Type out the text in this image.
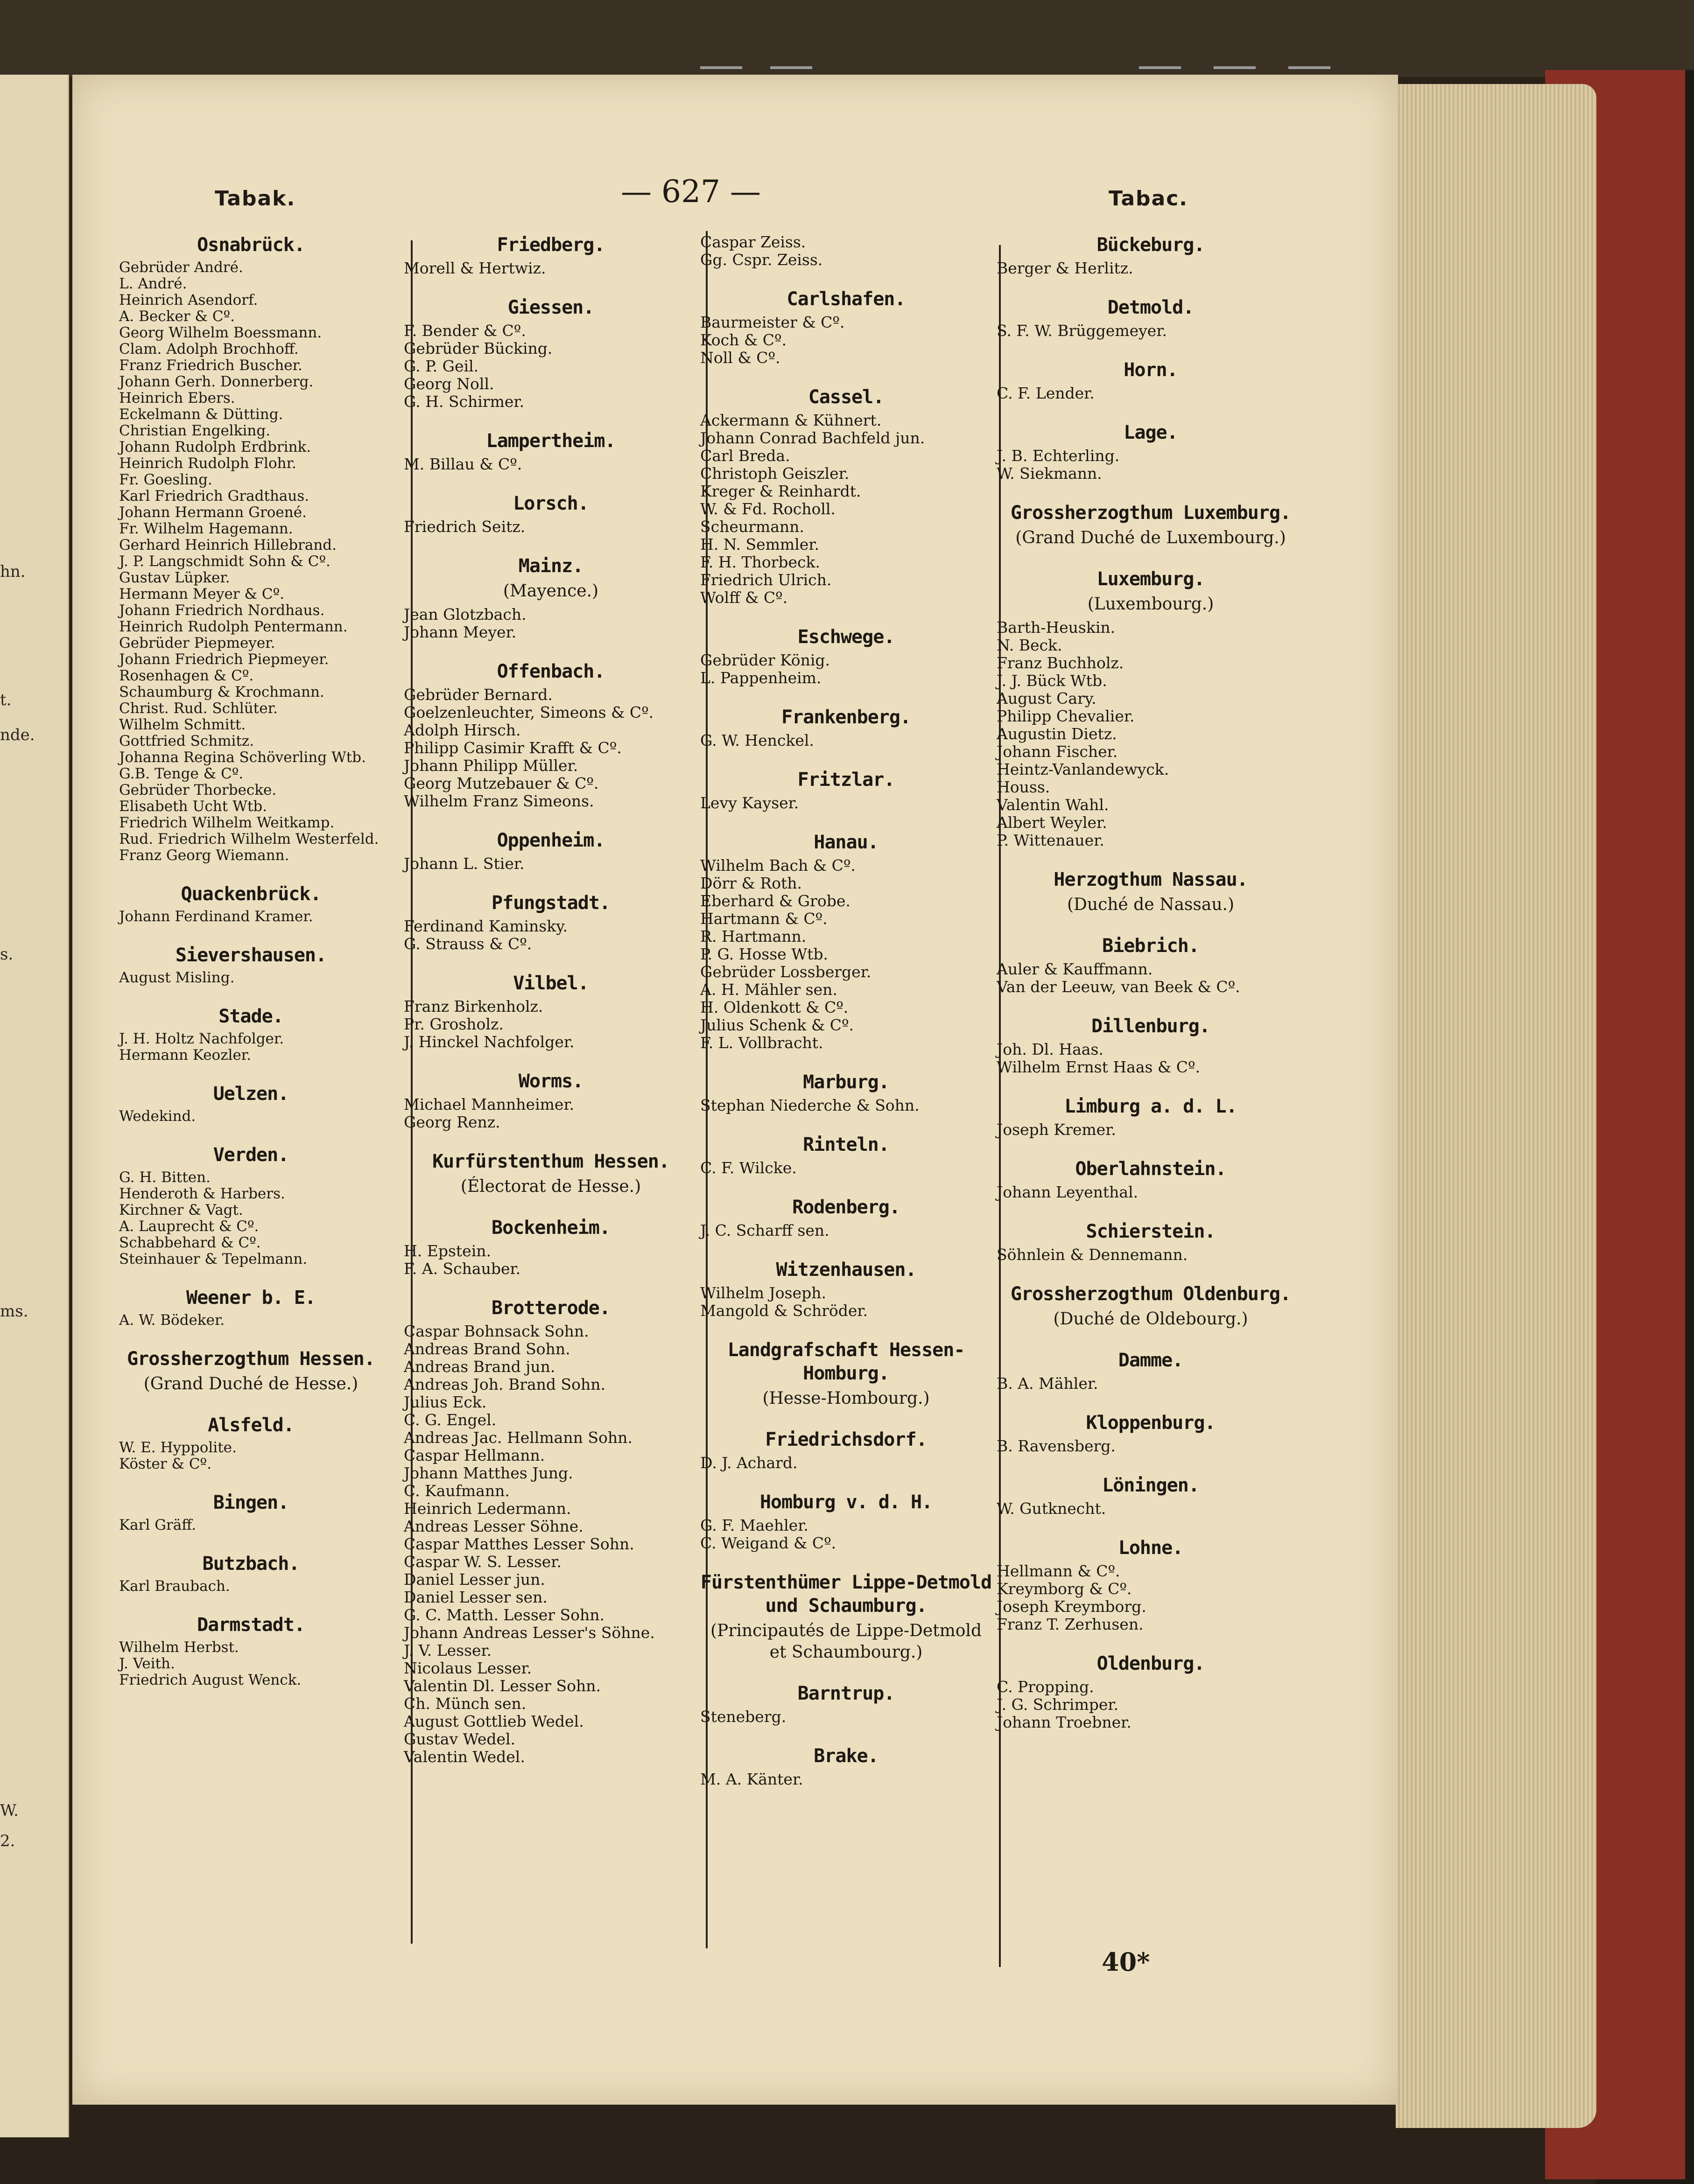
hn.
t.
nde.
s.
ms.
W.
2.
Tabak.	— 627 —	Tabac.
Osnabrück.
Gebrüder André.
L. André.
Heinrich Asendorf.
A. Becker & Cº.
Georg Wilhelm Boessmann.
Clam. Adolph Brochhoff.
Franz Friedrich Buscher.
Johann Gerh. Donnerberg.
Heinrich Ebers.
Eckelmann & Dütting.
Christian Engelking.
Johann Rudolph Erdbrink.
Heinrich Rudolph Flohr.
Fr. Goesling.
Karl Friedrich Gradthaus.
Johann Hermann Groené.
Fr. Wilhelm Hagemann.
Gerhard Heinrich Hillebrand.
J. P. Langschmidt Sohn & Cº.
Gustav Lüpker.
Hermann Meyer & Cº.
Johann Friedrich Nordhaus.
Heinrich Rudolph Pentermann.
Gebrüder Piepmeyer.
Johann Friedrich Piepmeyer.
Rosenhagen & Cº.
Schaumburg & Krochmann.
Christ. Rud. Schlüter.
Wilhelm Schmitt.
Gottfried Schmitz.
Johanna Regina Schöverling Wtb.
G.B. Tenge & Cº.
Gebrüder Thorbecke.
Elisabeth Ucht Wtb.
Friedrich Wilhelm Weitkamp.
Rud. Friedrich Wilhelm Westerfeld.
Franz Georg Wiemann.
Quackenbrück.
Johann Ferdinand Kramer.
Sievershausen.
August Misling.
Stade.
J. H. Holtz Nachfolger.
Hermann Keozler.
Uelzen.
Wedekind.
Verden.
G. H. Bitten.
Henderoth & Harbers.
Kirchner & Vagt.
A. Lauprecht & Cº.
Schabbehard & Cº.
Steinhauer & Tepelmann.
Weener b. E.
A. W. Bödeker.
Grossherzogthum Hessen.
(Grand Duché de Hesse.)
Alsfeld.
W. E. Hyppolite.
Köster & Cº.
Bingen.
Karl Gräff.
Butzbach.
Karl Braubach.
Darmstadt.
Wilhelm Herbst.
J. Veith.
Friedrich August Wenck.
Friedberg.
Morell & Hertwiz.
Giessen.
F. Bender & Cº.
Gebrüder Bücking.
G. P. Geil.
Georg Noll.
G. H. Schirmer.
Lampertheim.
M. Billau & Cº.
Lorsch.
Friedrich Seitz.
Mainz.
(Mayence.)
Jean Glotzbach.
Johann Meyer.
Offenbach.
Gebrüder Bernard.
Goelzenleuchter, Simeons & Cº.
Adolph Hirsch.
Philipp Casimir Krafft & Cº.
Johann Philipp Müller.
Georg Mutzebauer & Cº.
Wilhelm Franz Simeons.
Oppenheim.
Johann L. Stier.
Pfungstadt.
Ferdinand Kaminsky.
G. Strauss & Cº.
Vilbel.
Franz Birkenholz.
Pr. Grosholz.
J. Hinckel Nachfolger.
Worms.
Michael Mannheimer.
Georg Renz.
Kurfürstenthum Hessen.
(Électorat de Hesse.)
Bockenheim.
H. Epstein.
F. A. Schauber.
Brotterode.
Caspar Bohnsack Sohn.
Andreas Brand Sohn.
Andreas Brand jun.
Andreas Joh. Brand Sohn.
Julius Eck.
C. G. Engel.
Andreas Jac. Hellmann Sohn.
Caspar Hellmann.
Johann Matthes Jung.
C. Kaufmann.
Heinrich Ledermann.
Andreas Lesser Söhne.
Caspar Matthes Lesser Sohn.
Caspar W. S. Lesser.
Daniel Lesser jun.
Daniel Lesser sen.
G. C. Matth. Lesser Sohn.
Johann Andreas Lesser's Söhne.
J. V. Lesser.
Nicolaus Lesser.
Valentin Dl. Lesser Sohn.
Ch. Münch sen.
August Gottlieb Wedel.
Gustav Wedel.
Valentin Wedel.
Caspar Zeiss.
Gg. Cspr. Zeiss.
Carlshafen.
Baurmeister & Cº.
Koch & Cº.
Noll & Cº.
Cassel.
Ackermann & Kühnert.
Johann Conrad Bachfeld jun.
Carl Breda.
Christoph Geiszler.
Kreger & Reinhardt.
W. & Fd. Rocholl.
Scheurmann.
H. N. Semmler.
F. H. Thorbeck.
Friedrich Ulrich.
Wolff & Cº.
Eschwege.
Gebrüder König.
L. Pappenheim.
Frankenberg.
G. W. Henckel.
Fritzlar.
Levy Kayser.
Hanau.
Wilhelm Bach & Cº.
Dörr & Roth.
Eberhard & Grobe.
Hartmann & Cº.
R. Hartmann.
P. G. Hosse Wtb.
Gebrüder Lossberger.
A. H. Mähler sen.
H. Oldenkott & Cº.
Julius Schenk & Cº.
F. L. Vollbracht.
Marburg.
Stephan Niederche & Sohn.
Rinteln.
C. F. Wilcke.
Rodenberg.
J. C. Scharff sen.
Witzenhausen.
Wilhelm Joseph.
Mangold & Schröder.
Landgrafschaft Hessen-Homburg.
(Hesse-Hombourg.)
Friedrichsdorf.
D. J. Achard.
Homburg v. d. H.
G. F. Maehler.
C. Weigand & Cº.
Fürstenthümer Lippe-Detmold und Schaumburg.
(Principautés de Lippe-Detmold et Schaumbourg.)
Barntrup.
Steneberg.
Brake.
M. A. Känter.
Bückeburg.
Berger & Herlitz.
Detmold.
S. F. W. Brüggemeyer.
Horn.
C. F. Lender.
Lage.
J. B. Echterling.
W. Siekmann.
Grossherzogthum Luxemburg.
(Grand Duché de Luxembourg.)
Luxemburg.
(Luxembourg.)
Barth-Heuskin.
N. Beck.
Franz Buchholz.
J. J. Bück Wtb.
August Cary.
Philipp Chevalier.
Augustin Dietz.
Johann Fischer.
Heintz-Vanlandewyck.
Houss.
Valentin Wahl.
Albert Weyler.
P. Wittenauer.
Herzogthum Nassau.
(Duché de Nassau.)
Biebrich.
Auler & Kauffmann.
Van der Leeuw, van Beek & Cº.
Dillenburg.
Joh. Dl. Haas.
Wilhelm Ernst Haas & Cº.
Limburg a. d. L.
Joseph Kremer.
Oberlahnstein.
Johann Leyenthal.
Schierstein.
Söhnlein & Dennemann.
Grossherzogthum Oldenburg.
(Duché de Oldebourg.)
Damme.
B. A. Mähler.
Kloppenburg.
B. Ravensberg.
Löningen.
W. Gutknecht.
Lohne.
Hellmann & Cº.
Kreymborg & Cº.
Joseph Kreymborg.
Franz T. Zerhusen.
Oldenburg.
C. Propping.
J. G. Schrimper.
Johann Troebner.
40*
